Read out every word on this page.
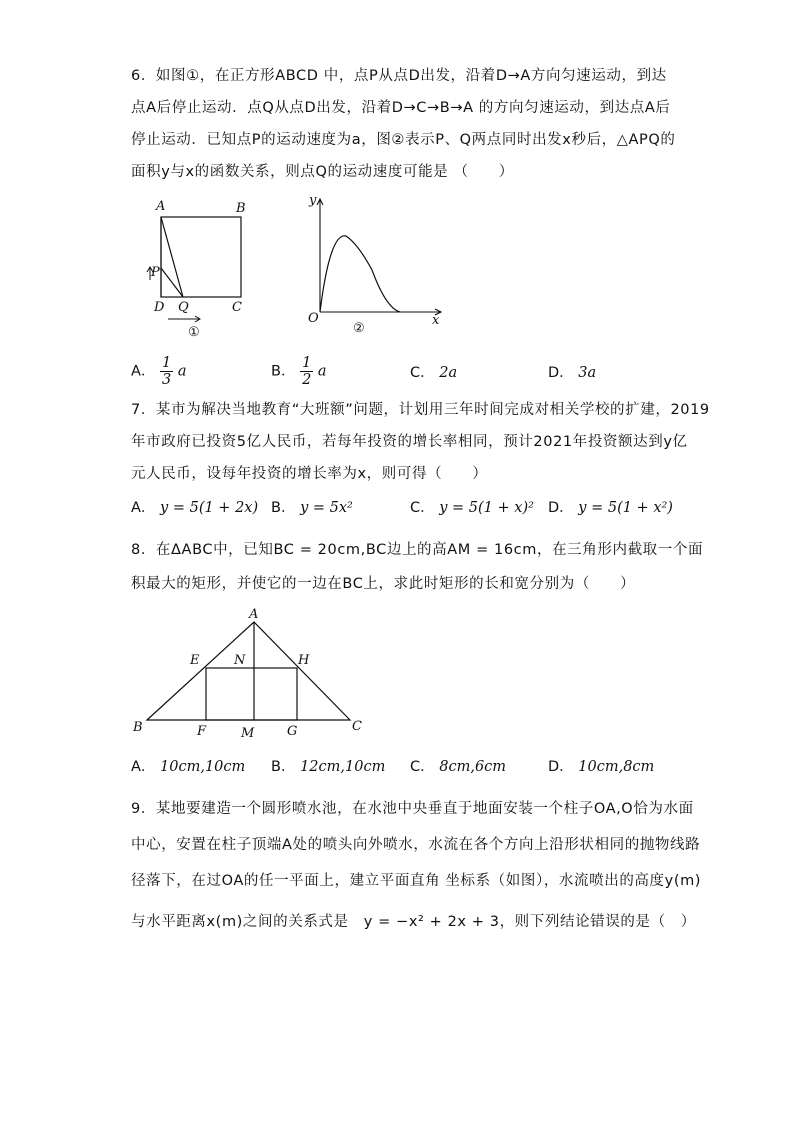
6．如图①，在正方形ABCD 中，点P从点D出发，沿着D→A方向匀速运动，到达
点A后停止运动．点Q从点D出发，沿着D→C→B→A 的方向匀速运动，到达点A后
停止运动．已知点P的运动速度为a，图②表示P、Q两点同时出发x秒后，△APQ的
面积y与x的函数关系，则点Q的运动速度可能是 （　　）
A	B
P
D Q	C
①
y
O	x
②
A． $\frac{1}{3}$ a	B． $\frac{1}{2}$ a	C． 2a	D． 3a
7．某市为解决当地教育“大班额”问题，计划用三年时间完成对相关学校的扩建，2019
年市政府已投资5亿人民币，若每年投资的增长率相同，预计2021年投资额达到y亿
元人民币，设每年投资的增长率为x，则可得（　　）
A． y = 5(1 + 2x) B． y = 5x²	C． y = 5(1 + x)² D． y = 5(1 + x²)
8．在ΔABC中，已知BC = 20cm,BC边上的高AM = 16cm，在三角形内截取一个面
积最大的矩形，并使它的一边在BC上，求此时矩形的长和宽分别为（　　）
A
E	N	H
B	F	M	G	C
A． 10cm,10cm B． 12cm,10cm C． 8cm,6cm	D． 10cm,8cm
9．某地要建造一个圆形喷水池，在水池中央垂直于地面安装一个柱子OA,O恰为水面
中心，安置在柱子顶端A处的喷头向外喷水，水流在各个方向上沿形状相同的抛物线路
径落下，在过OA的任一平面上，建立平面直角 坐标系（如图），水流喷出的高度y(m)
与水平距离x(m)之间的关系式是　y = −x² + 2x + 3，则下列结论错误的是（　）
